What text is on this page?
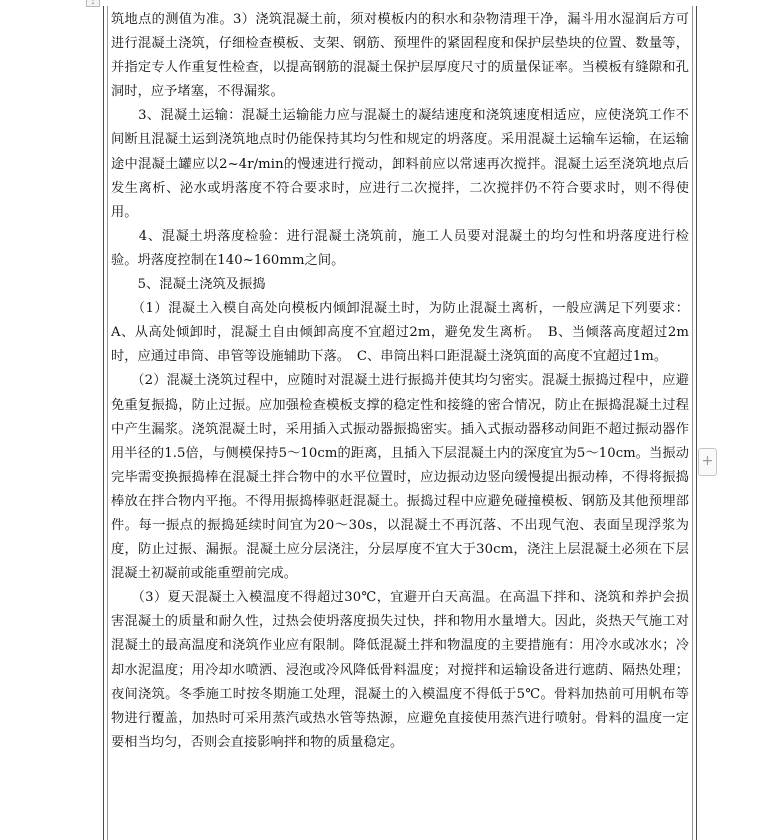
⇣

筑地点的测值为准。3）浇筑混凝土前，须对模板内的积水和杂物清理干净，漏斗用水湿润后方可进行混凝土浇筑，仔细检查模板、支架、钢筋、预埋件的紧固程度和保护层垫块的位置、数量等，并指定专人作重复性检查，以提高钢筋的混凝土保护层厚度尺寸的质量保证率。当模板有缝隙和孔洞时，应予堵塞，不得漏浆。

　　3、混凝土运输：混凝土运输能力应与混凝土的凝结速度和浇筑速度相适应，应使浇筑工作不间断且混凝土运到浇筑地点时仍能保持其均匀性和规定的坍落度。采用混凝土运输车运输，在运输途中混凝土罐应以2~4r/min的慢速进行搅动，卸料前应以常速再次搅拌。混凝土运至浇筑地点后发生离析、泌水或坍落度不符合要求时，应进行二次搅拌，二次搅拌仍不符合要求时，则不得使用。

　　4、混凝土坍落度检验：进行混凝土浇筑前，施工人员要对混凝土的均匀性和坍落度进行检验。坍落度控制在140~160mm之间。

　　5、混凝土浇筑及振捣

　　（1）混凝土入模自高处向模板内倾卸混凝土时，为防止混凝土离析，一般应满足下列要求：A、从高处倾卸时，混凝土自由倾卸高度不宜超过2m，避免发生离析。　B、当倾落高度超过2m时，应通过串筒、串管等设施辅助下落。　C、串筒出料口距混凝土浇筑面的高度不宜超过1m。

　　（2）混凝土浇筑过程中，应随时对混凝土进行振捣并使其均匀密实。混凝土振捣过程中，应避免重复振捣，防止过振。应加强检查模板支撑的稳定性和接缝的密合情况，防止在振捣混凝土过程中产生漏浆。浇筑混凝土时，采用插入式振动器振捣密实。插入式振动器移动间距不超过振动器作用半径的1.5倍，与侧模保持5～10cm的距离，且插入下层混凝土内的深度宜为5～10cm。当振动完毕需变换振捣棒在混凝土拌合物中的水平位置时，应边振动边竖向缓慢提出振动棒，不得将振捣棒放在拌合物内平拖。不得用振捣棒驱赶混凝土。振捣过程中应避免碰撞模板、钢筋及其他预埋部件。每一振点的振捣延续时间宜为20～30s，以混凝土不再沉落、不出现气泡、表面呈现浮浆为度，防止过振、漏振。混凝土应分层浇注，分层厚度不宜大于30cm，浇注上层混凝土必须在下层混凝土初凝前或能重塑前完成。

　　（3）夏天混凝土入模温度不得超过30℃，宜避开白天高温。在高温下拌和、浇筑和养护会损害混凝土的质量和耐久性，过热会使坍落度损失过快，拌和物用水量增大。因此，炎热天气施工对混凝土的最高温度和浇筑作业应有限制。降低混凝土拌和物温度的主要措施有：用冷水或冰水；冷却水泥温度；用冷却水喷洒、浸泡或冷风降低骨料温度；对搅拌和运输设备进行遮荫、隔热处理；夜间浇筑。冬季施工时按冬期施工处理，混凝土的入模温度不得低于5℃。骨料加热前可用帆布等物进行覆盖，加热时可采用蒸汽或热水管等热源，应避免直接使用蒸汽进行喷射。骨料的温度一定要相当均匀，否则会直接影响拌和物的质量稳定。

+
